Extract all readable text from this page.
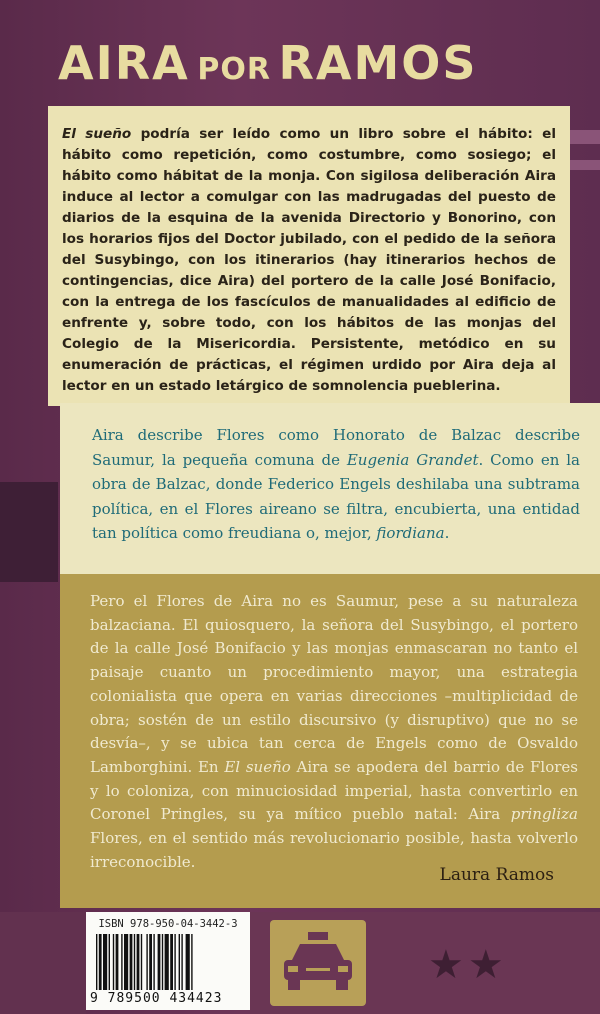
AIRA POR RAMOS

El sueño podría ser leído como un libro sobre el hábito: el hábito como repetición, como costumbre, como sosiego; el hábito como hábitat de la monja. Con sigilosa deliberación Aira induce al lector a comulgar con las madrugadas del puesto de diarios de la esquina de la avenida Directorio y Bonorino, con los horarios fijos del Doctor jubilado, con el pedido de la señora del Susybingo, con los itinerarios (hay itinerarios hechos de contingencias, dice Aira) del portero de la calle José Bonifacio, con la entrega de los fascículos de manualidades al edificio de enfrente y, sobre todo, con los hábitos de las monjas del Colegio de la Misericordia. Persistente, metódico en su enumeración de prácticas, el régimen urdido por Aira deja al lector en un estado letárgico de somnolencia pueblerina.

Aira describe Flores como Honorato de Balzac describe Saumur, la pequeña comuna de Eugenia Grandet. Como en la obra de Balzac, donde Federico Engels deshilaba una subtrama política, en el Flores aireano se filtra, encubierta, una entidad tan política como freudiana o, mejor, fiordiana.

Pero el Flores de Aira no es Saumur, pese a su naturaleza balzaciana. El quiosquero, la señora del Susybingo, el portero de la calle José Bonifacio y las monjas enmascaran no tanto el paisaje cuanto un procedimiento mayor, una estrategia colonialista que opera en varias direcciones –multiplicidad de obra; sostén de un estilo discursivo (y disruptivo) que no se desvía–, y se ubica tan cerca de Engels como de Osvaldo Lamborghini. En El sueño Aira se apodera del barrio de Flores y lo coloniza, con minuciosidad imperial, hasta convertirlo en Coronel Pringles, su ya mítico pueblo natal: Aira pringliza Flores, en el sentido más revolucionario posible, hasta volverlo irreconocible.

Laura Ramos
★★
ISBN 978-950-04-3442-3
9 789500 434423
